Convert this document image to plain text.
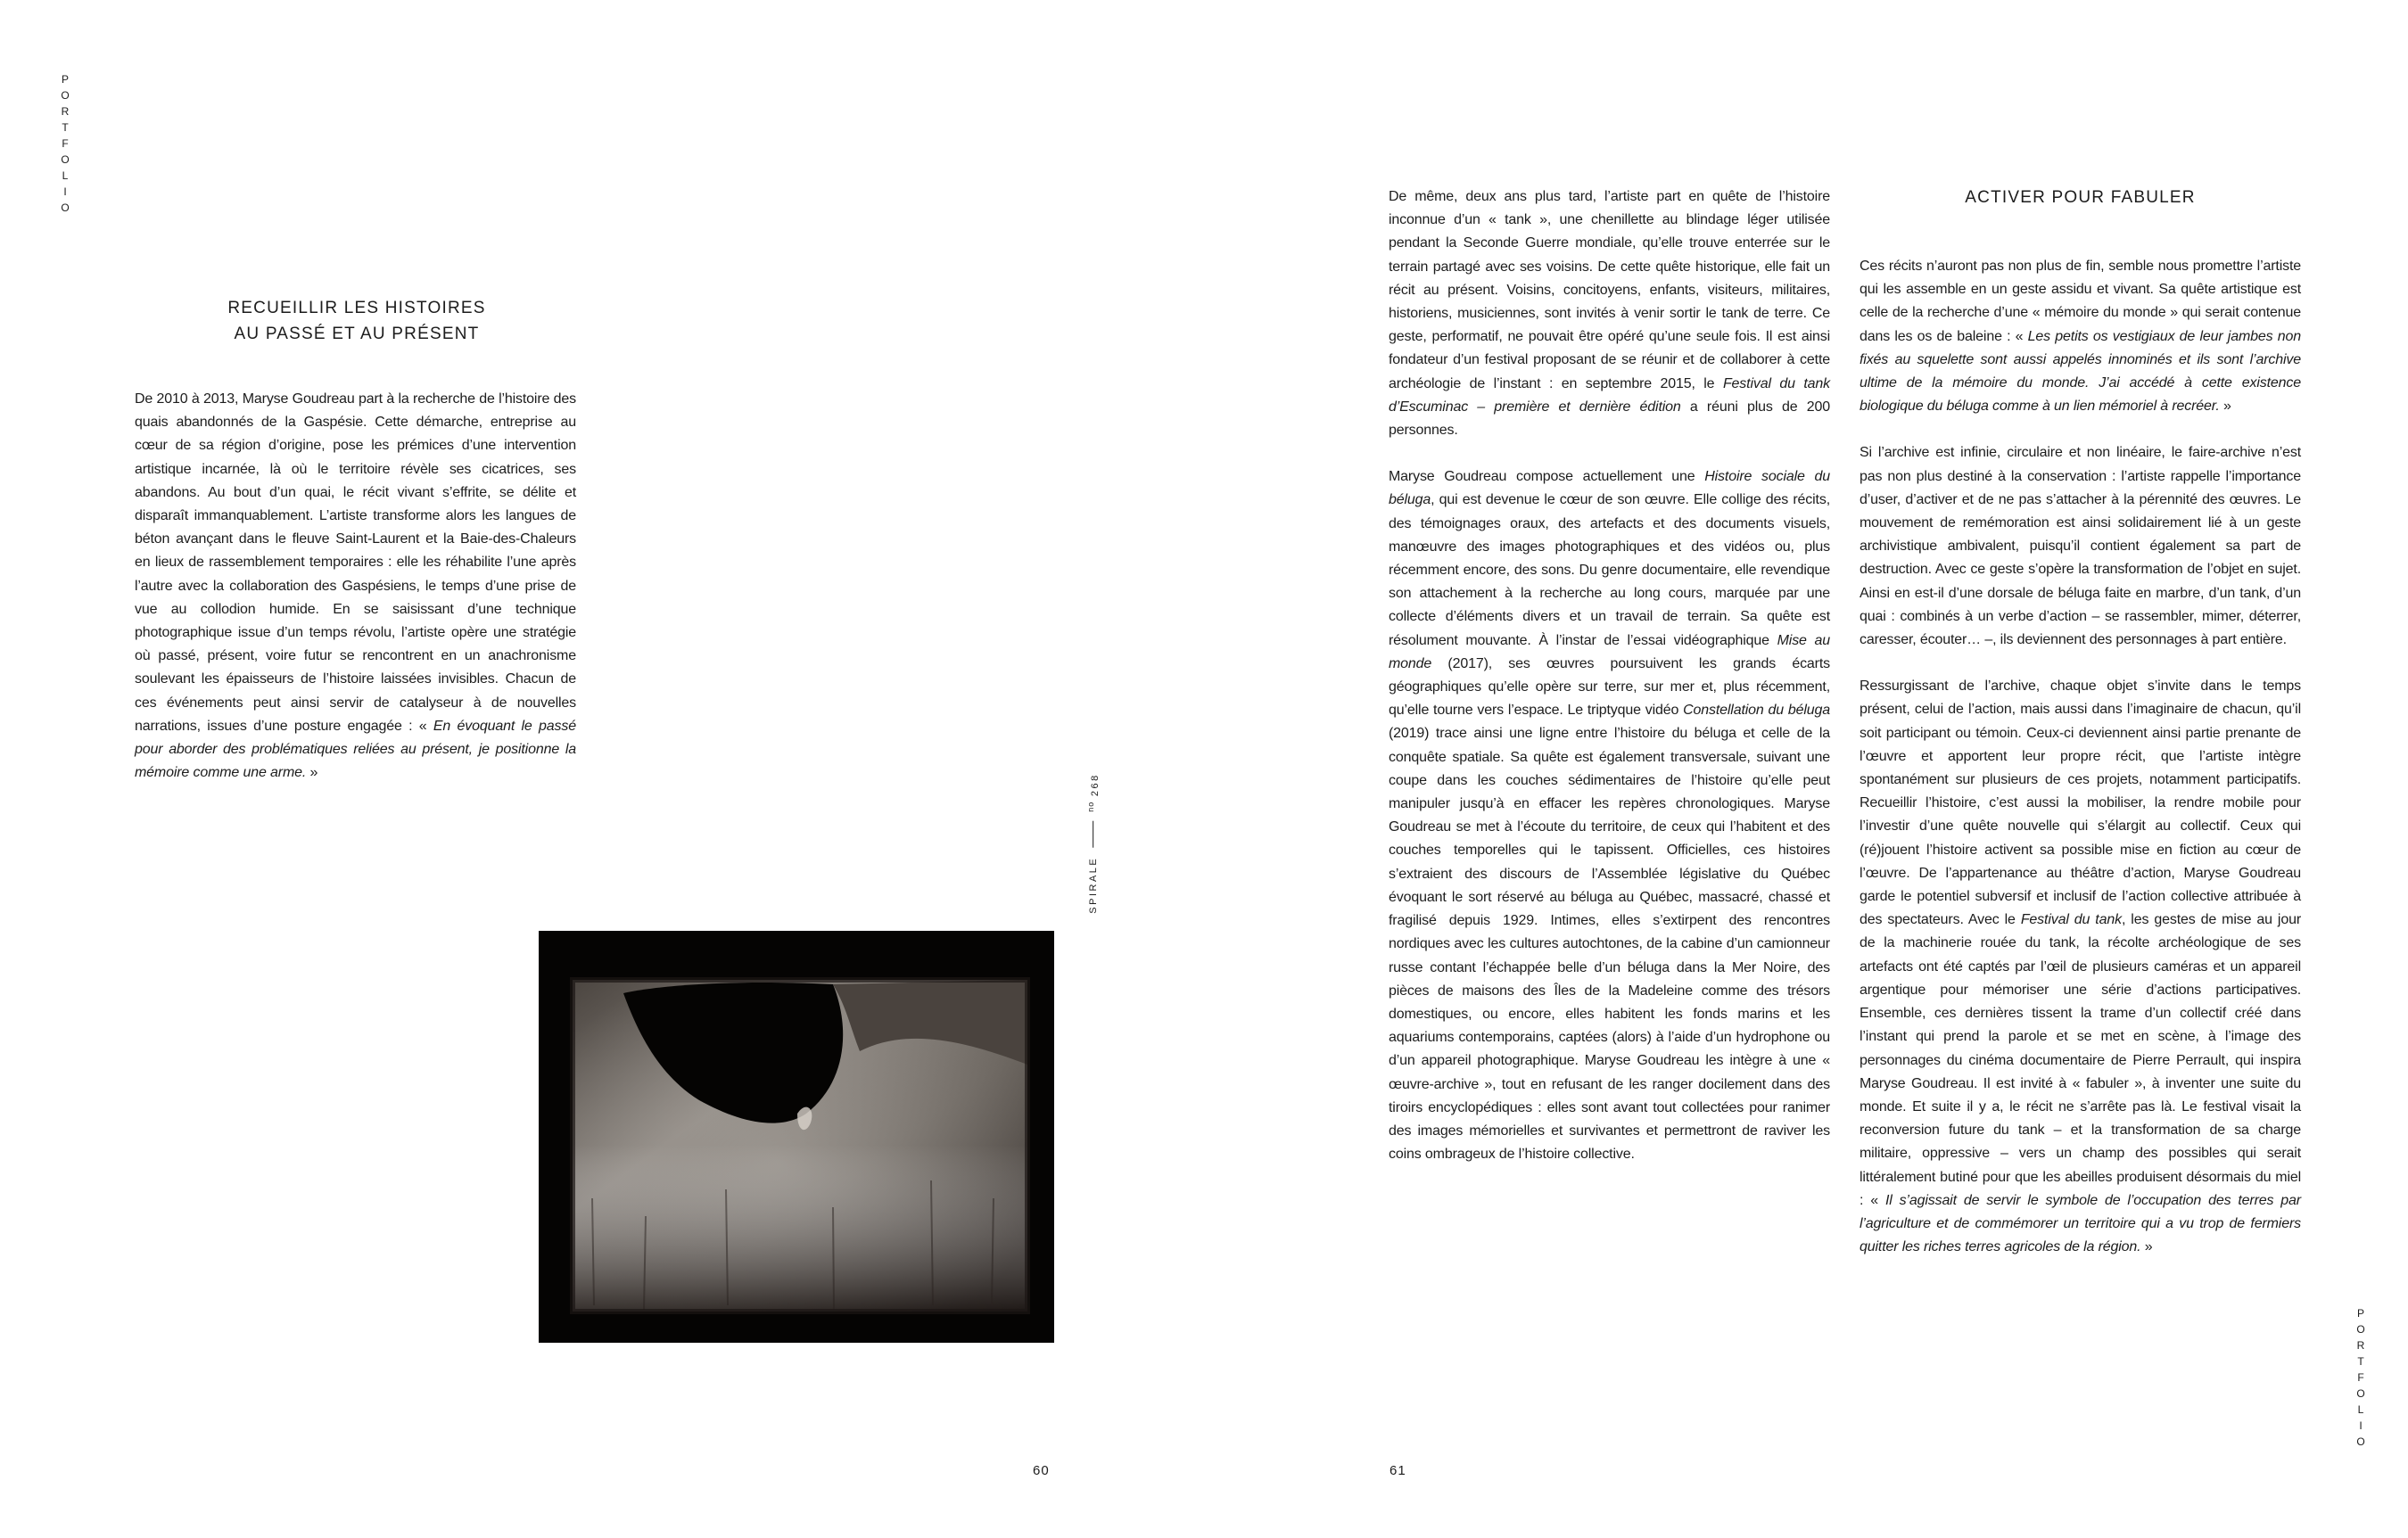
P
O
R
T
F
O
L
I
O
P
O
R
T
F
O
L
I
O
RECUEILLIR LES HISTOIRES
AU PASSÉ ET AU PRÉSENT

De 2010 à 2013, Maryse Goudreau part à la recherche de l’histoire des quais abandonnés de la Gaspésie. Cette démarche, entreprise au cœur de sa région d’origine, pose les prémices d’une intervention artistique incarnée, là où le territoire révèle ses cicatrices, ses abandons. Au bout d’un quai, le récit vivant s’effrite, se délite et disparaît immanquablement. L’artiste transforme alors les langues de béton avançant dans le fleuve Saint-Laurent et la Baie-des-Chaleurs en lieux de rassemblement temporaires : elle les réhabilite l’une après l’autre avec la collaboration des Gaspésiens, le temps d’une prise de vue au collodion humide. En se saisissant d’une technique photographique issue d’un temps révolu, l’artiste opère une stratégie où passé, présent, voire futur se rencontrent en un anachronisme soulevant les épaisseurs de l’histoire laissées invisibles. Chacun de ces événements peut ainsi servir de catalyseur à de nouvelles narrations, issues d’une posture engagée : « En évoquant le passé pour aborder des problématiques reliées au présent, je positionne la mémoire comme une arme. »

SPIRALE
$^{no}$ 268

De même, deux ans plus tard, l’artiste part en quête de l’histoire inconnue d’un « tank », une chenillette au blindage léger utilisée pendant la Seconde Guerre mondiale, qu’elle trouve enterrée sur le terrain partagé avec ses voisins. De cette quête historique, elle fait un récit au présent. Voisins, concitoyens, enfants, visiteurs, militaires, historiens, musiciennes, sont invités à venir sortir le tank de terre. Ce geste, performatif, ne pouvait être opéré qu’une seule fois. Il est ainsi fondateur d’un festival proposant de se réunir et de collaborer à cette archéologie de l’instant : en septembre 2015, le Festival du tank d’Escuminac – première et dernière édition a réuni plus de 200 personnes.

Maryse Goudreau compose actuellement une Histoire sociale du béluga, qui est devenue le cœur de son œuvre. Elle collige des récits, des témoignages oraux, des artefacts et des documents visuels, manœuvre des images photographiques et des vidéos ou, plus récemment encore, des sons. Du genre documentaire, elle revendique son attachement à la recherche au long cours, marquée par une collecte d’éléments divers et un travail de terrain. Sa quête est résolument mouvante. À l’instar de l’essai vidéographique Mise au monde (2017), ses œuvres poursuivent les grands écarts géographiques qu’elle opère sur terre, sur mer et, plus récemment, qu’elle tourne vers l’espace. Le triptyque vidéo Constellation du béluga (2019) trace ainsi une ligne entre l’histoire du béluga et celle de la conquête spatiale. Sa quête est également transversale, suivant une coupe dans les couches sédimentaires de l’histoire qu’elle peut manipuler jusqu’à en effacer les repères chronologiques. Maryse Goudreau se met à l’écoute du territoire, de ceux qui l’habitent et des couches temporelles qui le tapissent. Officielles, ces histoires s’extraient des discours de l’Assemblée législative du Québec évoquant le sort réservé au béluga au Québec, massacré, chassé et fragilisé depuis 1929. Intimes, elles s’extirpent des rencontres nordiques avec les cultures autochtones, de la cabine d’un camionneur russe contant l’échappée belle d’un béluga dans la Mer Noire, des pièces de maisons des Îles de la Madeleine comme des trésors domestiques, ou encore, elles habitent les fonds marins et les aquariums contemporains, captées (alors) à l’aide d’un hydrophone ou d’un appareil photographique. Maryse Goudreau les intègre à une « œuvre-archive », tout en refusant de les ranger docilement dans des tiroirs encyclopédiques : elles sont avant tout collectées pour ranimer des images mémorielles et survivantes et permettront de raviver les coins ombrageux de l’histoire collective.

ACTIVER POUR FABULER

Ces récits n’auront pas non plus de fin, semble nous promettre l’artiste qui les assemble en un geste assidu et vivant. Sa quête artistique est celle de la recherche d’une « mémoire du monde » qui serait contenue dans les os de baleine : « Les petits os vestigiaux de leur jambes non fixés au squelette sont aussi appelés innominés et ils sont l’archive ultime de la mémoire du monde. J’ai accédé à cette existence biologique du béluga comme à un lien mémoriel à recréer. »

Si l’archive est infinie, circulaire et non linéaire, le faire-archive n’est pas non plus destiné à la conservation : l’artiste rappelle l’importance d’user, d’activer et de ne pas s’attacher à la pérennité des œuvres. Le mouvement de remémoration est ainsi solidairement lié à un geste archivistique ambivalent, puisqu’il contient également sa part de destruction. Avec ce geste s’opère la transformation de l’objet en sujet. Ainsi en est-il d’une dorsale de béluga faite en marbre, d’un tank, d’un quai : combinés à un verbe d’action – se rassembler, mimer, déterrer, caresser, écouter… –, ils deviennent des personnages à part entière.

Ressurgissant de l’archive, chaque objet s’invite dans le temps présent, celui de l’action, mais aussi dans l’imaginaire de chacun, qu’il soit participant ou témoin. Ceux-ci deviennent ainsi partie prenante de l’œuvre et apportent leur propre récit, que l’artiste intègre spontanément sur plusieurs de ces projets, notamment participatifs. Recueillir l’histoire, c’est aussi la mobiliser, la rendre mobile pour l’investir d’une quête nouvelle qui s’élargit au collectif. Ceux qui (ré)jouent l’histoire activent sa possible mise en fiction au cœur de l’œuvre. De l’appartenance au théâtre d’action, Maryse Goudreau garde le potentiel subversif et inclusif de l’action collective attribuée à des spectateurs. Avec le Festival du tank, les gestes de mise au jour de la machinerie rouée du tank, la récolte archéologique de ses artefacts ont été captés par l’œil de plusieurs caméras et un appareil argentique pour mémoriser une série d’actions participatives. Ensemble, ces dernières tissent la trame d’un collectif créé dans l’instant qui prend la parole et se met en scène, à l’image des personnages du cinéma documentaire de Pierre Perrault, qui inspira Maryse Goudreau. Il est invité à « fabuler », à inventer une suite du monde. Et suite il y a, le récit ne s’arrête pas là. Le festival visait la reconversion future du tank – et la transformation de sa charge militaire, oppressive – vers un champ des possibles qui serait littéralement butiné pour que les abeilles produisent désormais du miel : « Il s’agissait de servir le symbole de l’occupation des terres par l’agriculture et de commémorer un territoire qui a vu trop de fermiers quitter les riches terres agricoles de la région. »

60	61
